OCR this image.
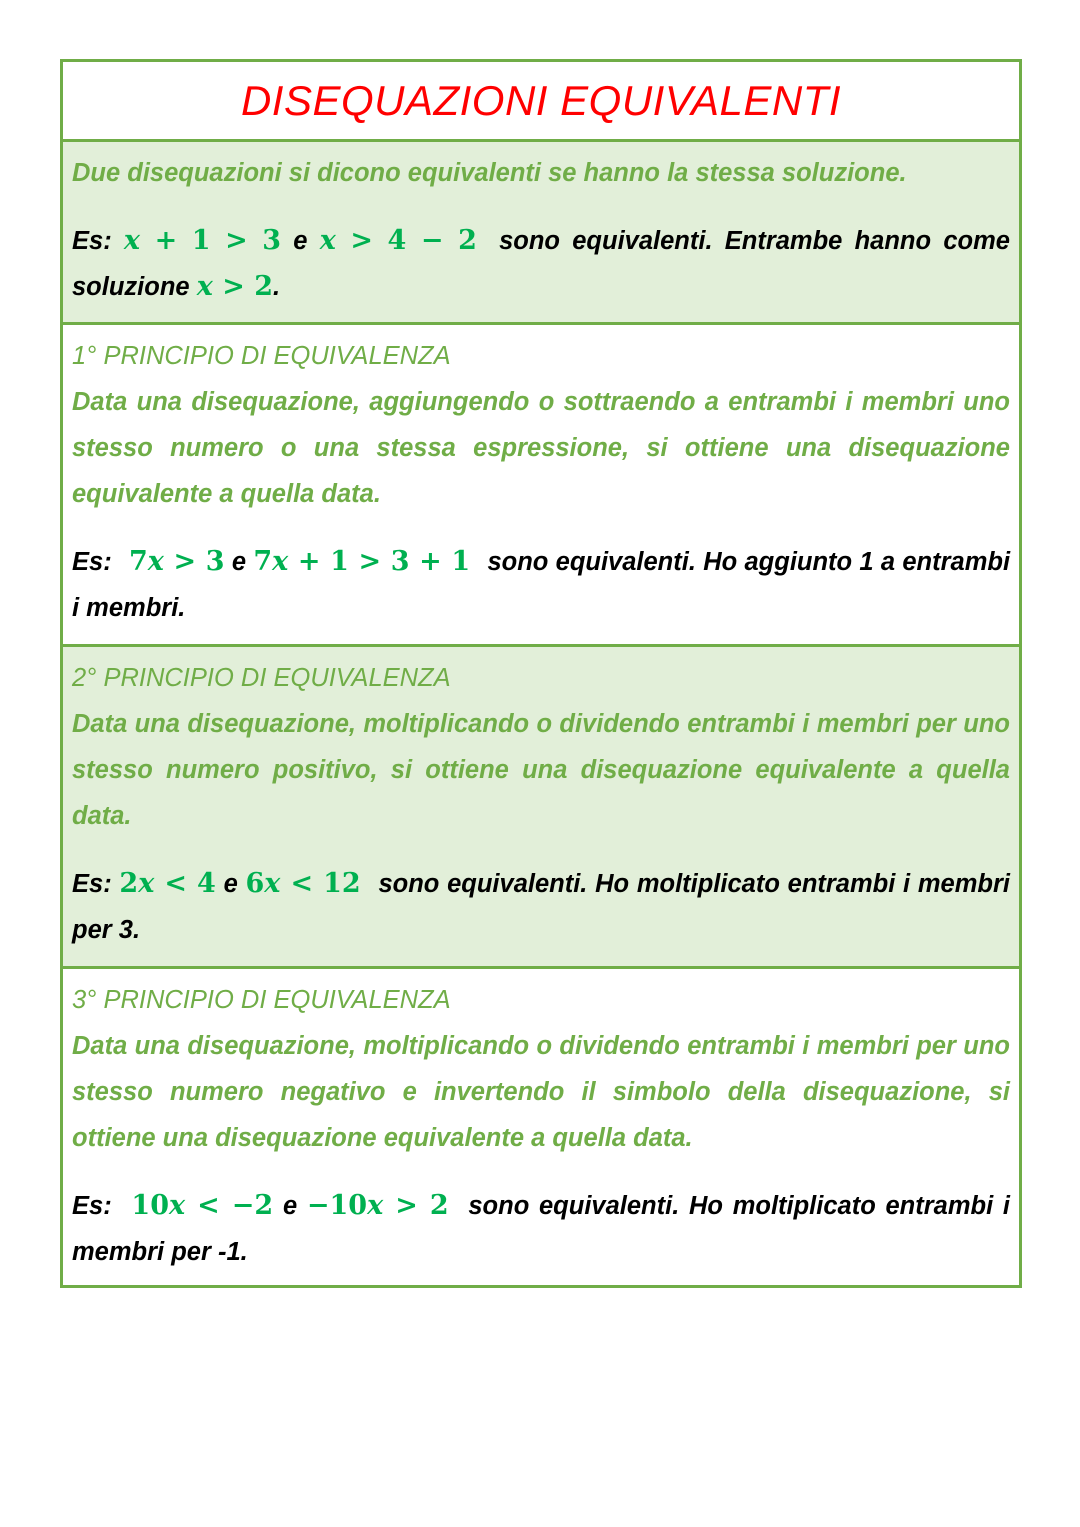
DISEQUAZIONI EQUIVALENTI

Due disequazioni si dicono equivalenti se hanno la stessa soluzione.

Es: x + 1 > 3 e x > 4 − 2 sono equivalenti. Entrambe hanno come soluzione x > 2.

1° PRINCIPIO DI EQUIVALENZA

Data una disequazione, aggiungendo o sottraendo a entrambi i membri uno stesso numero o una stessa espressione, si ottiene una disequazione equivalente a quella data.

Es: 7x > 3 e 7x + 1 > 3 + 1 sono equivalenti. Ho aggiunto 1 a entrambi i membri.

2° PRINCIPIO DI EQUIVALENZA

Data una disequazione, moltiplicando o dividendo entrambi i membri per uno stesso numero positivo, si ottiene una disequazione equivalente a quella data.

Es: 2x < 4 e 6x < 12 sono equivalenti. Ho moltiplicato entrambi i membri per 3.

3° PRINCIPIO DI EQUIVALENZA

Data una disequazione, moltiplicando o dividendo entrambi i membri per uno stesso numero negativo e invertendo il simbolo della disequazione, si ottiene una disequazione equivalente a quella data.

Es: 10x < −2 e −10x > 2 sono equivalenti. Ho moltiplicato entrambi i membri per -1.
